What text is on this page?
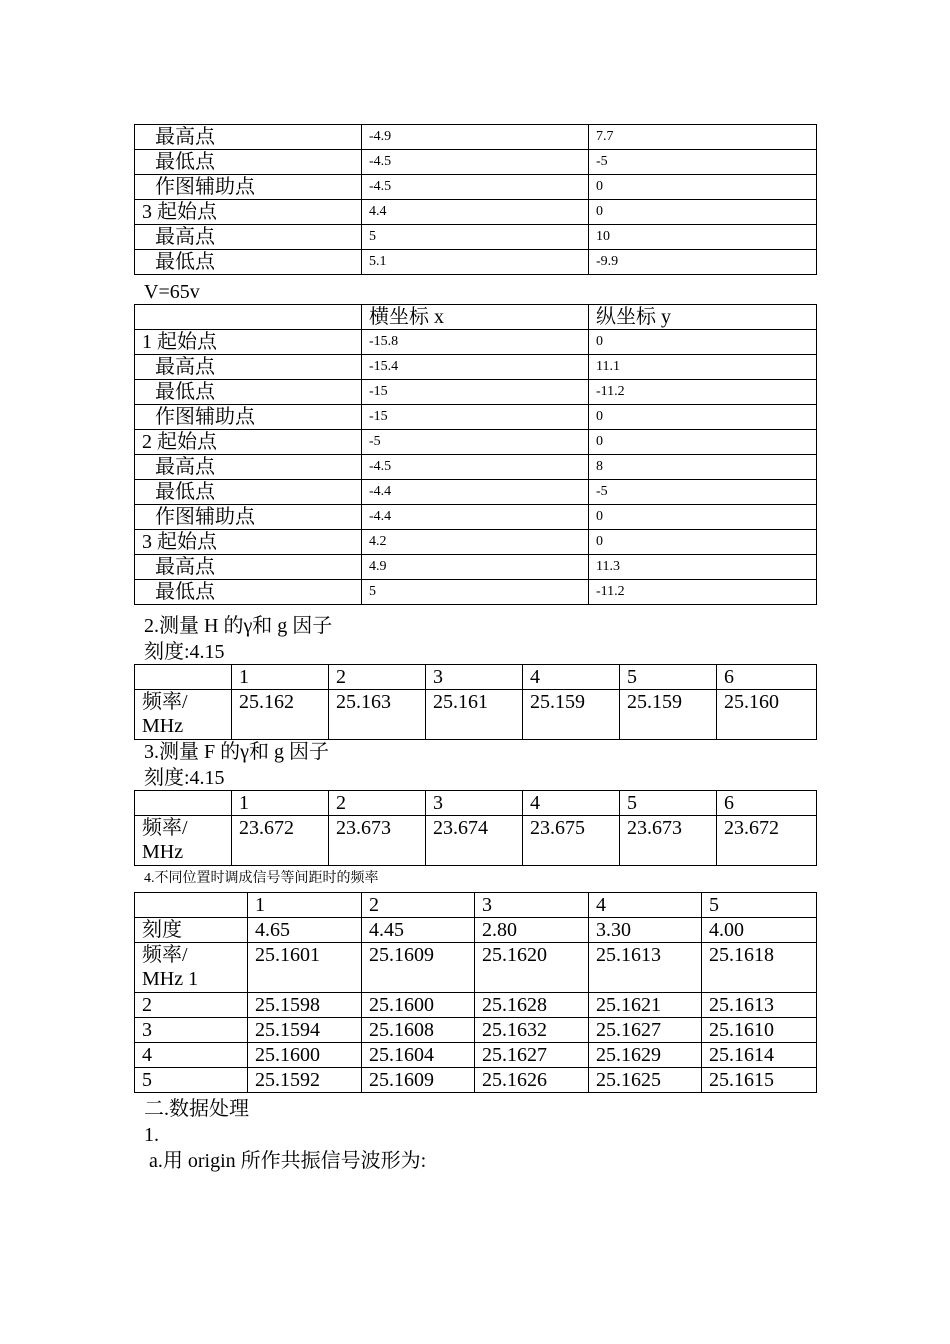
最高点	-4.9	7.7
最低点	-4.5	-5
作图辅助点	-4.5	0
3 起始点	4.4	0
最高点	5	10
最低点	5.1	-9.9
V=65v
	横坐标 x	纵坐标 y
1 起始点	-15.8	0
最高点	-15.4	11.1
最低点	-15	-11.2
作图辅助点	-15	0
2 起始点	-5	0
最高点	-4.5	8
最低点	-4.4	-5
作图辅助点	-4.4	0
3 起始点	4.2	0
最高点	4.9	11.3
最低点	5	-11.2
2.测量 H 的γ和 g 因子
刻度:4.15
	1	2	3	4	5	6
频率/
MHz	25.162	25.163	25.161	25.159	25.159	25.160
3.测量 F 的γ和 g 因子
刻度:4.15
	1	2	3	4	5	6
频率/
MHz	23.672	23.673	23.674	23.675	23.673	23.672
4.不同位置时调成信号等间距时的频率
	1	2	3	4	5
刻度	4.65	4.45	2.80	3.30	4.00
频率/
MHz 1	25.1601	25.1609	25.1620	25.1613	25.1618
2	25.1598	25.1600	25.1628	25.1621	25.1613
3	25.1594	25.1608	25.1632	25.1627	25.1610
4	25.1600	25.1604	25.1627	25.1629	25.1614
5	25.1592	25.1609	25.1626	25.1625	25.1615
二.数据处理
1.
a.用 origin 所作共振信号波形为:
